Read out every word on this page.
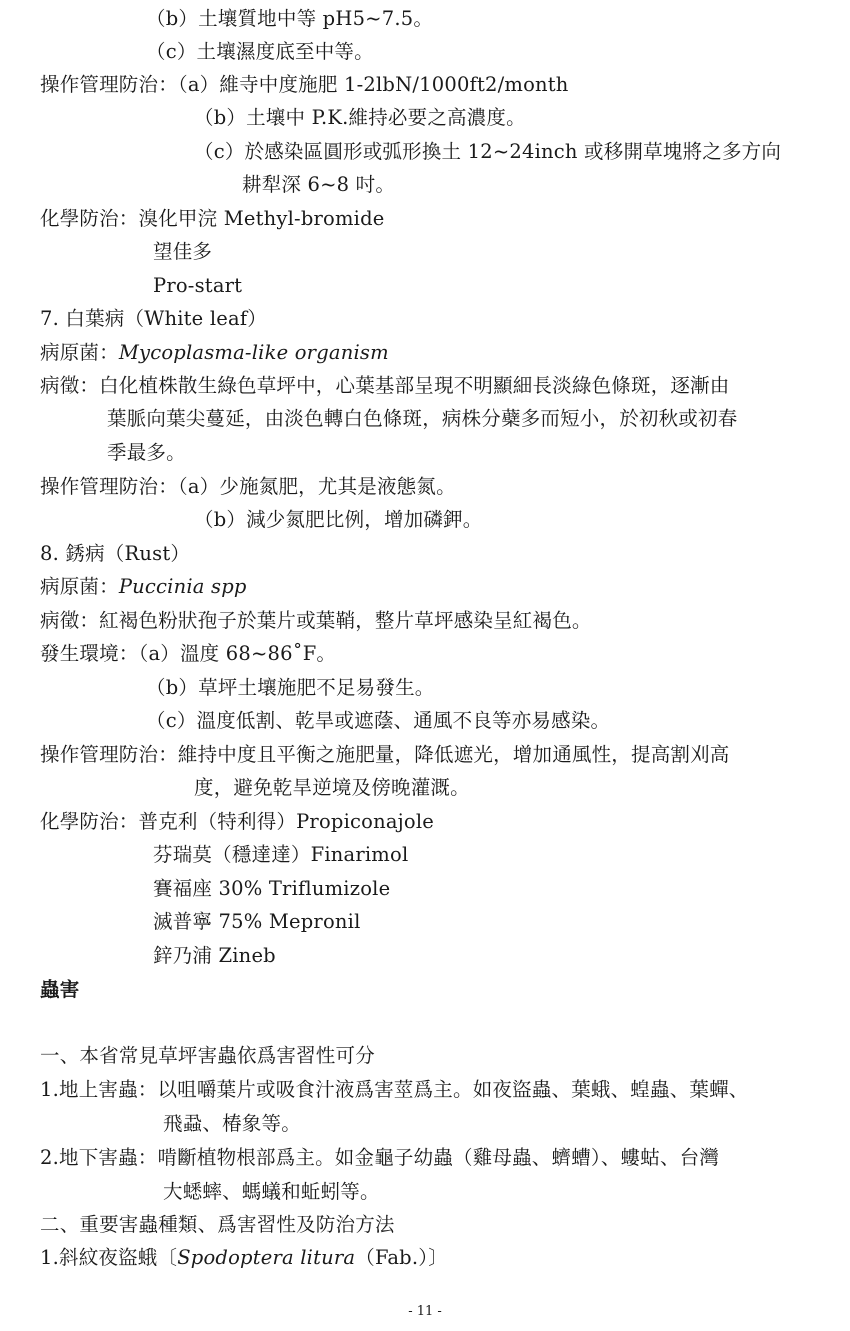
（b）土壤質地中等 pH5~7.5。
（c）土壤濕度底至中等。
操作管理防治：（a）維寺中度施肥 1-2lbN/1000ft2/month
（b）土壤中 P.K.維持必要之高濃度。
（c）於感染區圓形或弧形換土 12~24inch 或移開草塊將之多方向
耕犁深 6~8 吋。
化學防治：溴化甲浣 Methyl-bromide
望佳多
Pro-start
7. 白葉病（White leaf）
病原菌：Mycoplasma-like organism
病徵：白化植株散生綠色草坪中，心葉基部呈現不明顯細長淡綠色條斑，逐漸由
葉脈向葉尖蔓延，由淡色轉白色條斑，病株分蘗多而短小，於初秋或初春
季最多。
操作管理防治：（a）少施氮肥，尤其是液態氮。
（b）減少氮肥比例，增加磷鉀。
8. 銹病（Rust）
病原菌：Puccinia spp
病徵：紅褐色粉狀孢子於葉片或葉鞘，整片草坪感染呈紅褐色。
發生環境：（a）溫度 68~86˚F。
（b）草坪土壤施肥不足易發生。
（c）溫度低割、乾旱或遮蔭、通風不良等亦易感染。
操作管理防治：維持中度且平衡之施肥量，降低遮光，增加通風性，提高割刈高
度，避免乾旱逆境及傍晚灌溉。
化學防治：普克利（特利得）Propiconajole
芬瑞莫（穩達達）Finarimol
賽福座 30% Triflumizole
滅普寧 75% Mepronil
鋅乃浦 Zineb
蟲害
一、本省常見草坪害蟲依爲害習性可分
1.地上害蟲：以咀嚼葉片或吸食汁液爲害莖爲主。如夜盜蟲、葉蛾、蝗蟲、葉蟬、
飛蝨、椿象等。
2.地下害蟲：啃斷植物根部爲主。如金龜子幼蟲（雞母蟲、蠐螬）、螻蛄、台灣
大蟋蟀、螞蟻和蚯蚓等。
二、重要害蟲種類、爲害習性及防治方法
1.斜紋夜盜蛾〔Spodoptera litura（Fab.）〕
- 11 -
